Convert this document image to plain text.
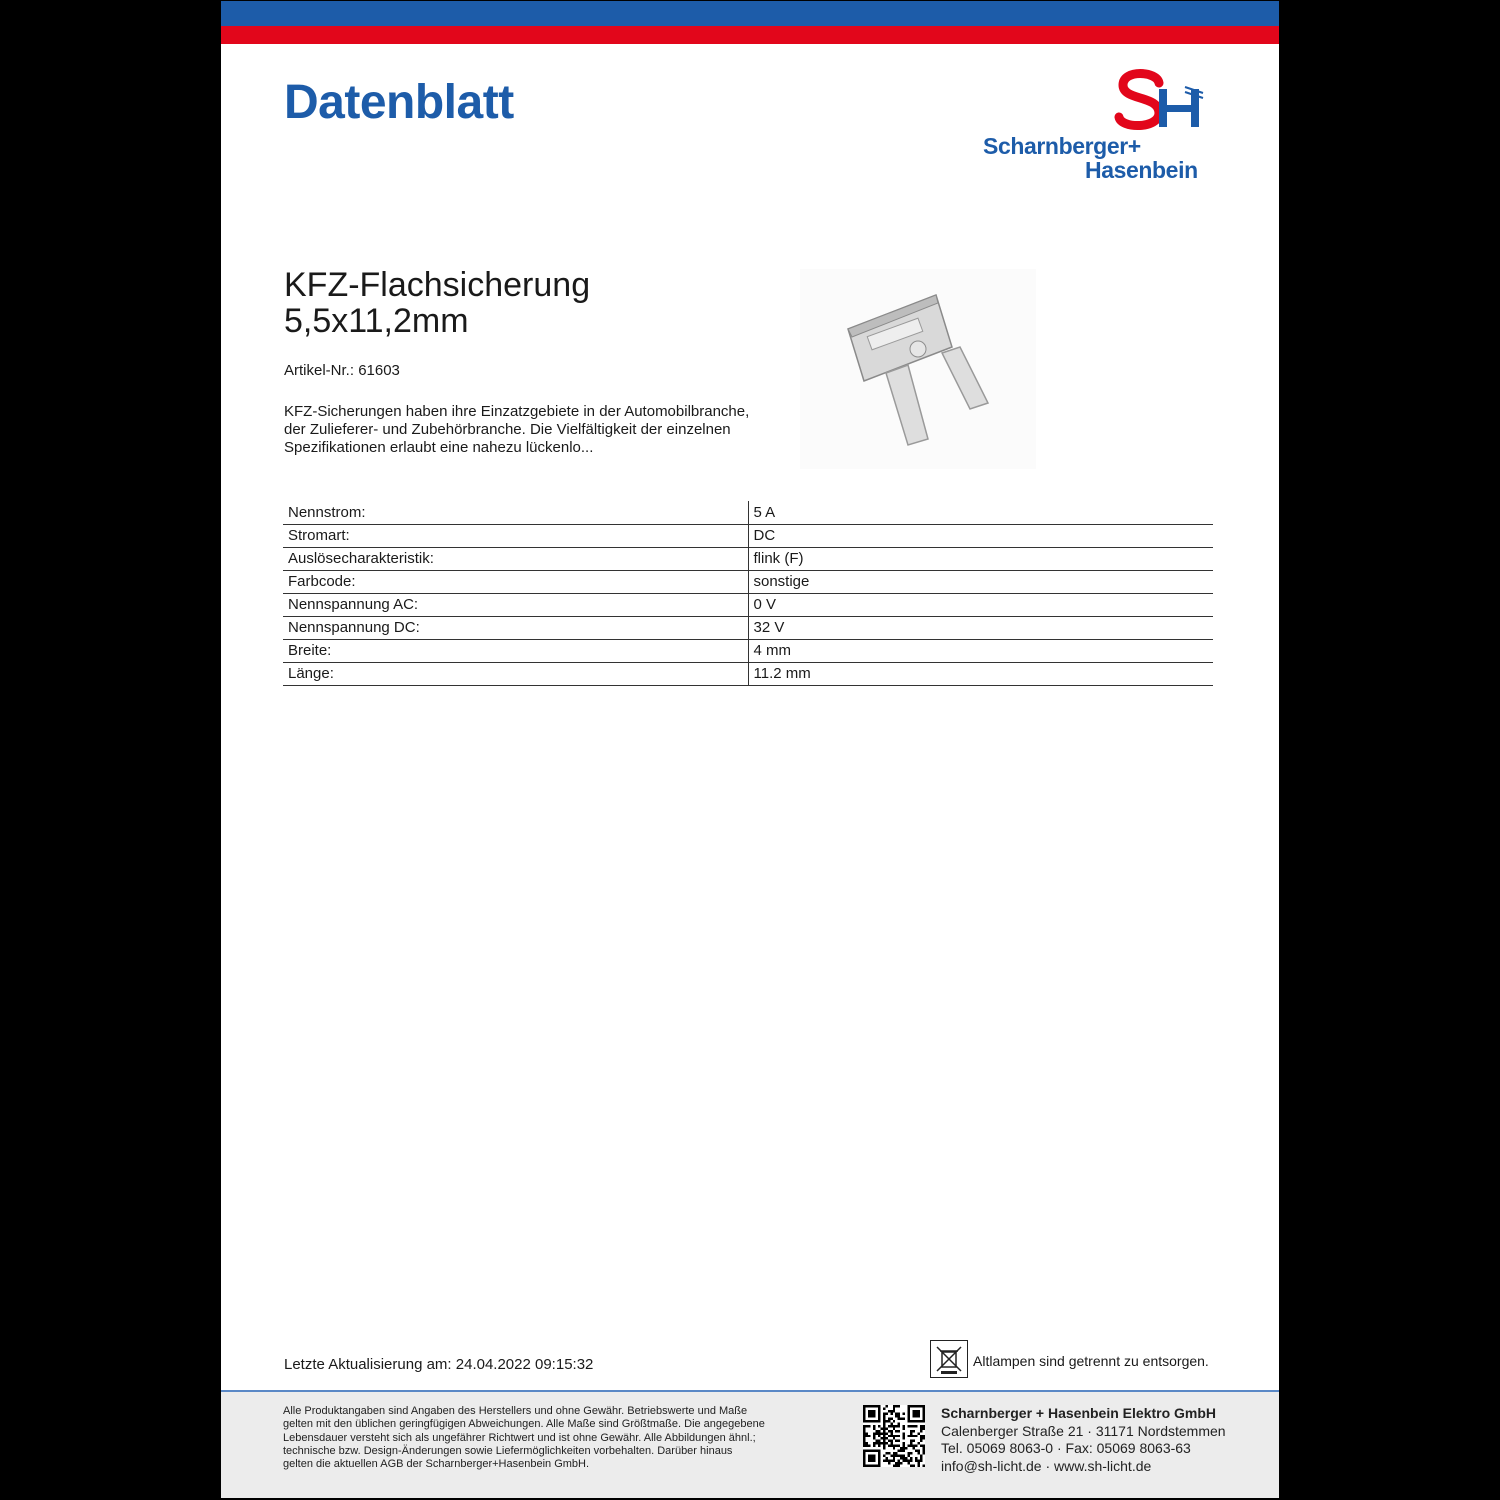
Datenblatt
Scharnberger+
Hasenbein
KFZ-Flachsicherung
5,5x11,2mm
Artikel-Nr.: 61603

KFZ-Sicherungen haben ihre Einzatzgebiete in der Automobilbranche, der Zulieferer- und Zubehörbranche. Die Vielfältigkeit der einzelnen Spezifikationen erlaubt eine nahezu lückenlo...

Nennstrom:	5 A
Stromart:	DC
Auslösecharakteristik:	flink (F)
Farbcode:	sonstige
Nennspannung AC:	0 V
Nennspannung DC:	32 V
Breite:	4 mm
Länge:	11.2 mm
Letzte Aktualisierung am: 24.04.2022 09:15:32	Altlampen sind getrennt zu entsorgen.
Alle Produktangaben sind Angaben des Herstellers und ohne Gewähr. Betriebswerte und Maße
gelten mit den üblichen geringfügigen Abweichungen. Alle Maße sind Größtmaße. Die angegebene
Lebensdauer versteht sich als ungefährer Richtwert und ist ohne Gewähr. Alle Abbildungen ähnl.;
technische bzw. Design-Änderungen sowie Liefermöglichkeiten vorbehalten. Darüber hinaus
gelten die aktuellen AGB der Scharnberger+Hasenbein GmbH.
Scharnberger + Hasenbein Elektro GmbH
Calenberger Straße 21 · 31171 Nordstemmen
Tel. 05069 8063-0 · Fax: 05069 8063-63
info@sh-licht.de · www.sh-licht.de
